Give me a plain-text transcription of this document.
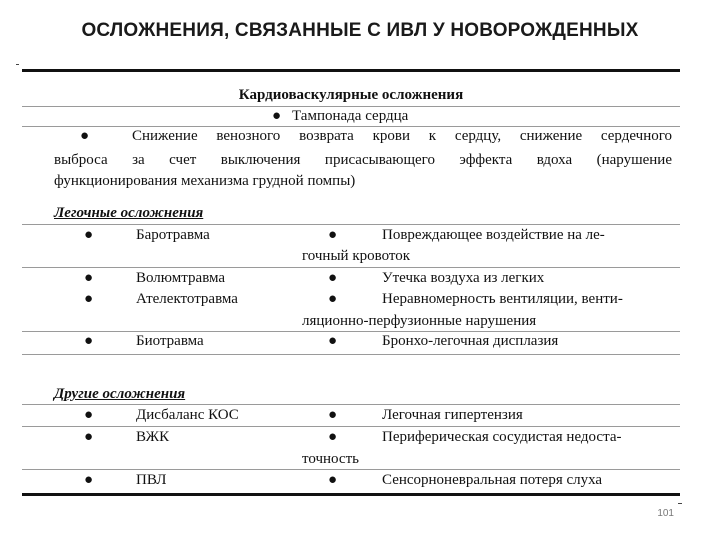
ОСЛОЖНЕНИЯ, СВЯЗАННЫЕ С ИВЛ У НОВОРОЖДЕННЫХ
Кардиоваскулярные осложнения
● Тампонада сердца
●	Снижение венозного возврата крови к сердцу, снижение сердечного
выброса за счет выключения присасывающего эффекта вдоха (нарушение
функционирования механизма грудной помпы)
Легочные осложнения
●	Баротравма	●	Повреждающее воздействие на ле-
гочный кровоток
●	Волюмтравма	●	Утечка воздуха из легких
●	Ателектотравма	●	Неравномерность вентиляции, венти-
ляционно-перфузионные нарушения
●	Биотравма	●	Бронхо-легочная дисплазия
Другие осложнения
●	Дисбаланс КОС	●	Легочная гипертензия
●	ВЖК	●	Периферическая сосудистая недоста-
точность
●	ПВЛ	●	Сенсорноневральная потеря слуха
101
